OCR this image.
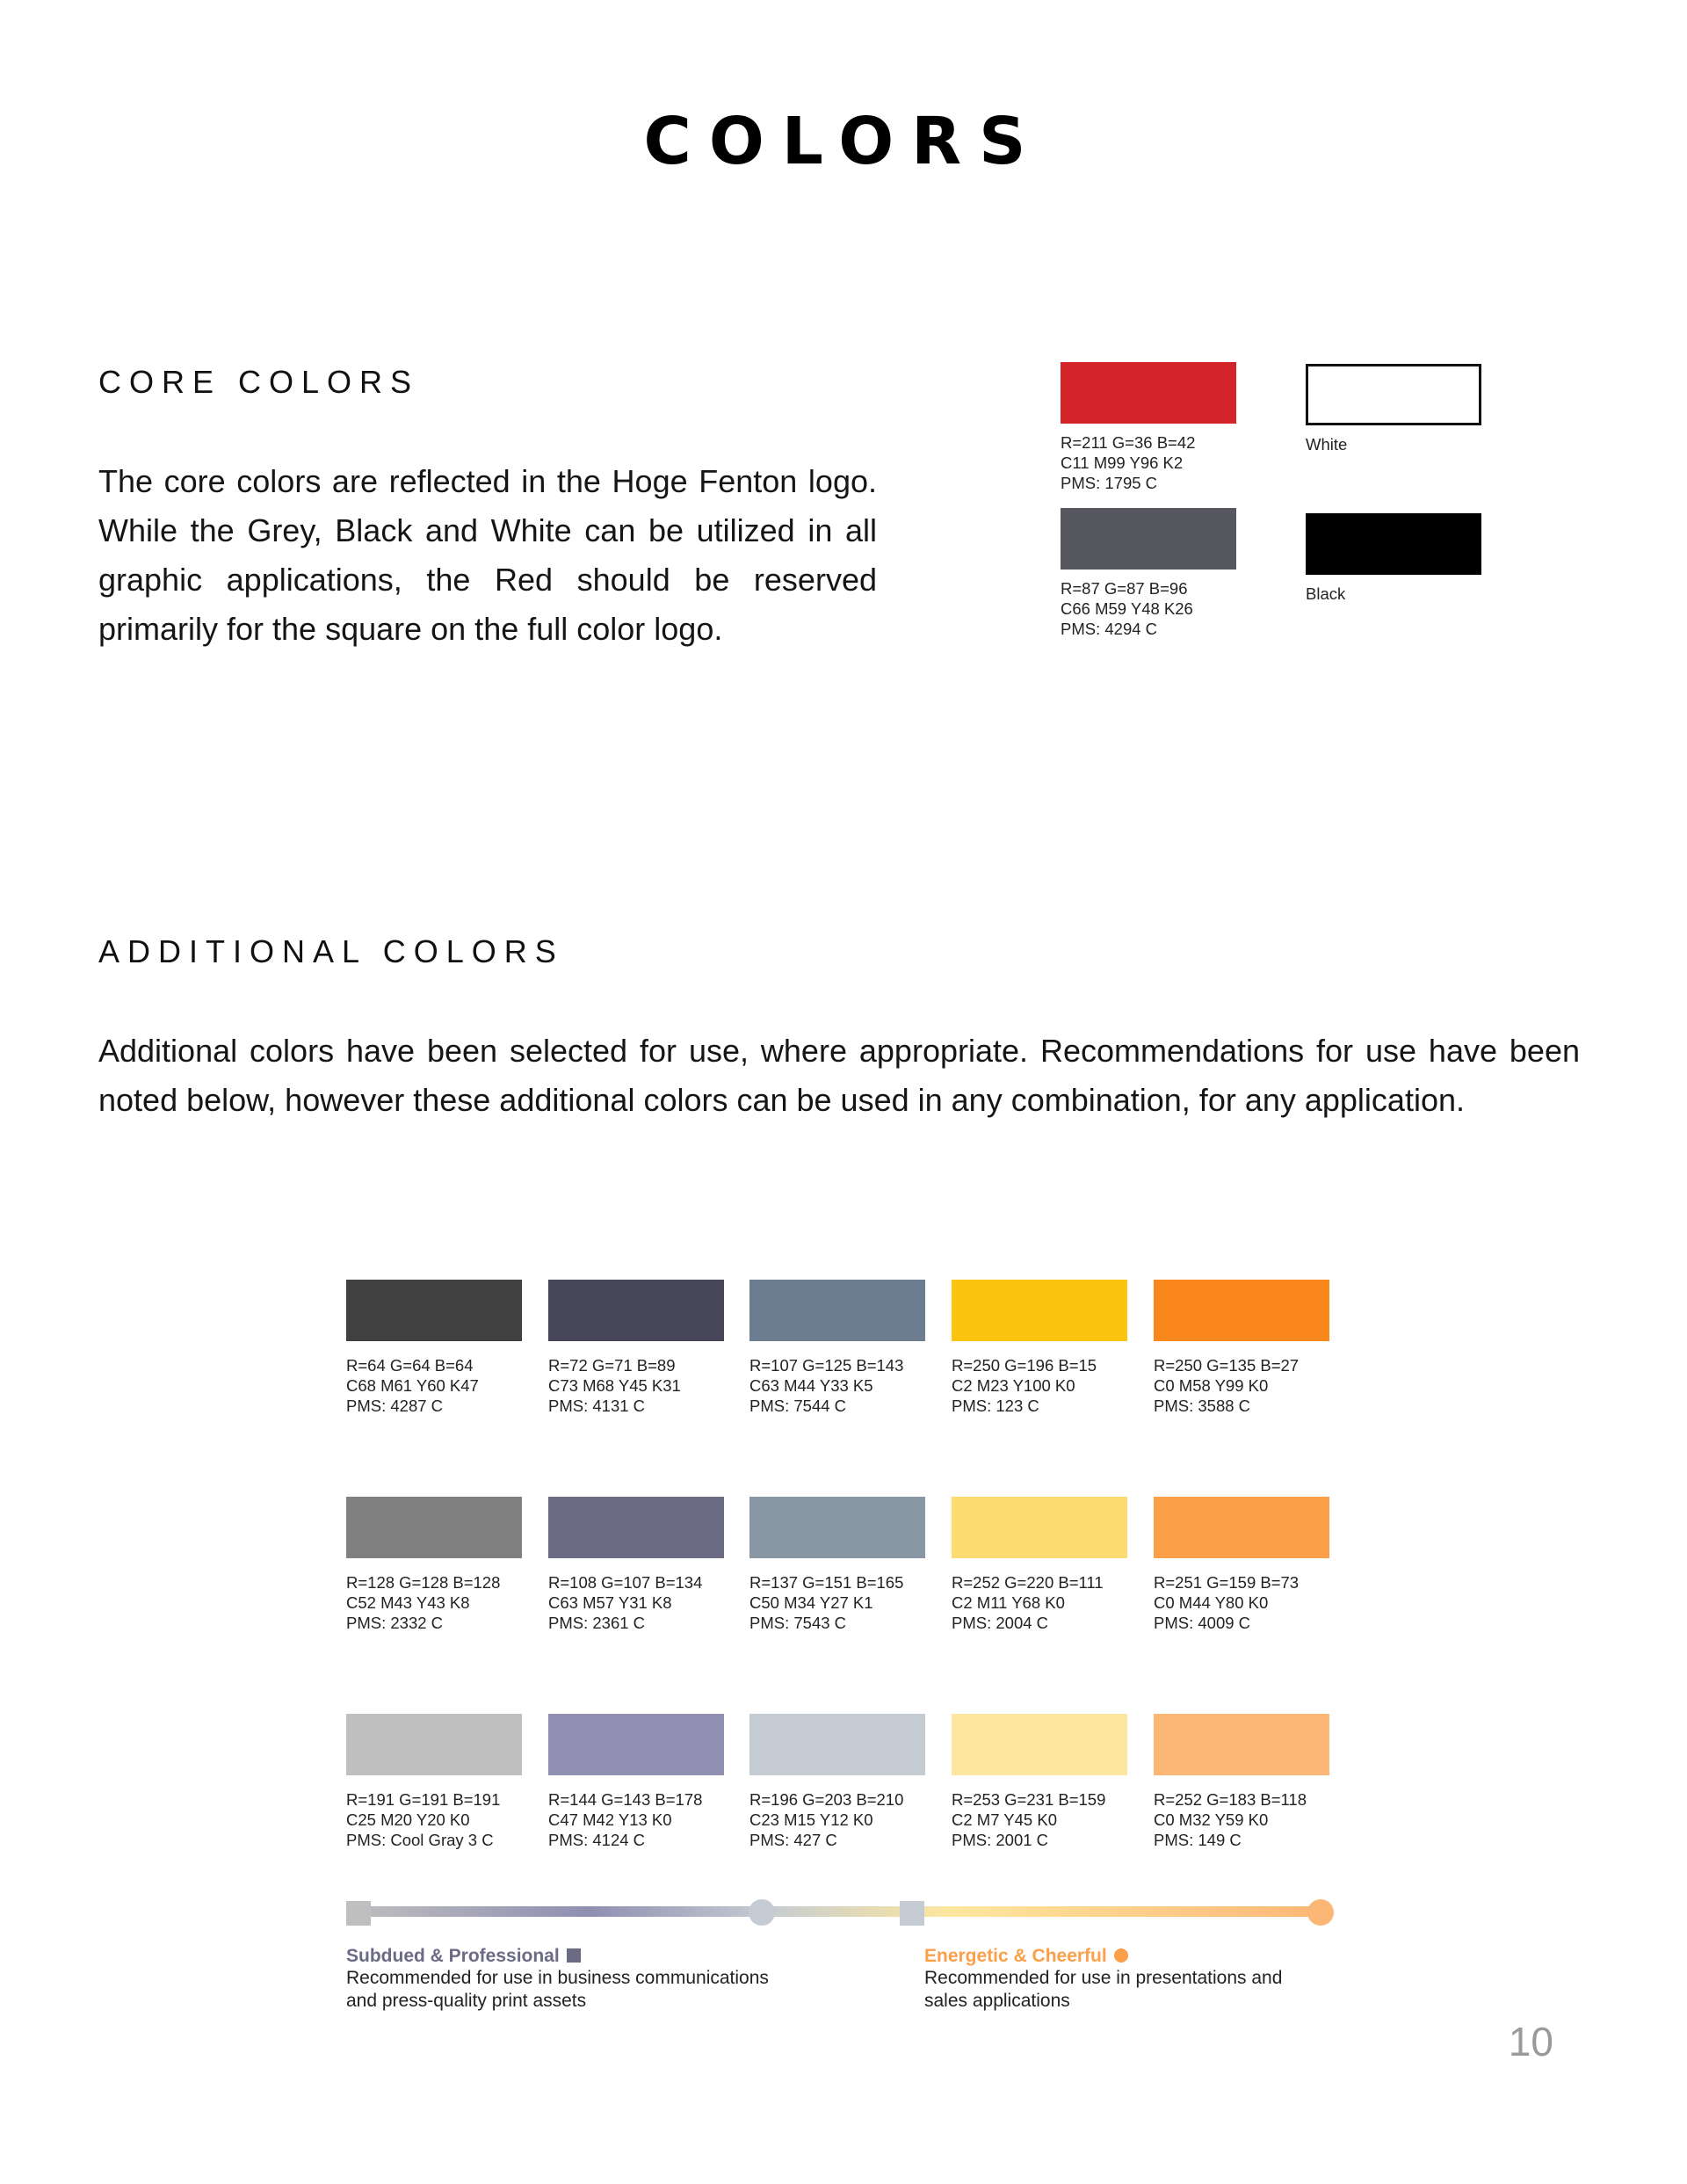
COLORS
CORE COLORS

The core colors are reflected in the Hoge Fenton logo. While the Grey, Black and White can be utilized in all graphic applications, the Red should be reserved primarily for the square on the full color logo.

R=211 G=36 B=42
C11 M99 Y96 K2
PMS: 1795 C
R=87 G=87 B=96
C66 M59 Y48 K26
PMS: 4294 C
White
Black
ADDITIONAL COLORS

Additional colors have been selected for use, where appropriate. Recommendations for use have been noted below, however these additional colors can be used in any combination, for any application.

R=64 G=64 B=64
C68 M61 Y60 K47
PMS: 4287 C
R=72 G=71 B=89
C73 M68 Y45 K31
PMS: 4131 C
R=107 G=125 B=143
C63 M44 Y33 K5
PMS: 7544 C
R=250 G=196 B=15
C2 M23 Y100 K0
PMS: 123 C
R=250 G=135 B=27
C0 M58 Y99 K0
PMS: 3588 C
R=128 G=128 B=128
C52 M43 Y43 K8
PMS: 2332 C
R=108 G=107 B=134
C63 M57 Y31 K8
PMS: 2361 C
R=137 G=151 B=165
C50 M34 Y27 K1
PMS: 7543 C
R=252 G=220 B=111
C2 M11 Y68 K0
PMS: 2004 C
R=251 G=159 B=73
C0 M44 Y80 K0
PMS: 4009 C
R=191 G=191 B=191
C25 M20 Y20 K0
PMS: Cool Gray 3 C
R=144 G=143 B=178
C47 M42 Y13 K0
PMS: 4124 C
R=196 G=203 B=210
C23 M15 Y12 K0
PMS: 427 C
R=253 G=231 B=159
C2 M7 Y45 K0
PMS: 2001 C
R=252 G=183 B=118
C0 M32 Y59 K0
PMS: 149 C

Subdued & Professional

Recommended for use in business communications

and press-quality print assets

Energetic & Cheerful

Recommended for use in presentations and

sales applications

10
